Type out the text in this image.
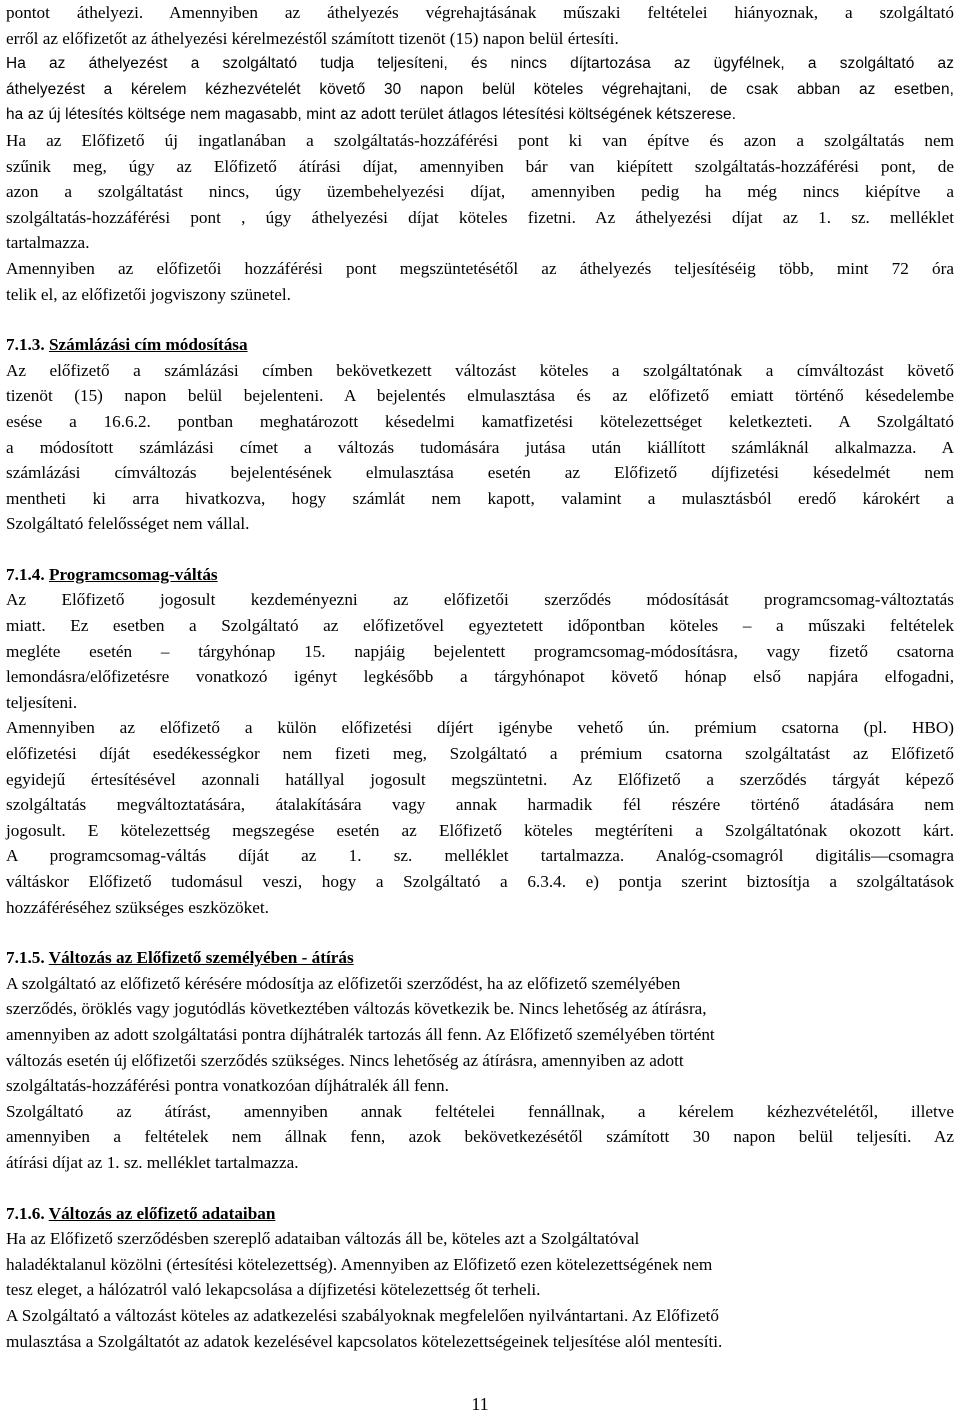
pontot áthelyezi. Amennyiben az áthelyezés végrehajtásának műszaki feltételei hiányoznak, a szolgáltató

erről az előfizetőt az áthelyezési kérelmezéstől számított tizenöt (15) napon belül értesíti.

Ha az áthelyezést a szolgáltató tudja teljesíteni, és nincs díjtartozása az ügyfélnek, a szolgáltató az

áthelyezést a kérelem kézhezvételét követő 30 napon belül köteles végrehajtani, de csak abban az esetben,

ha az új létesítés költsége nem magasabb, mint az adott terület átlagos létesítési költségének kétszerese.

Ha az Előfizető új ingatlanában a szolgáltatás-hozzáférési pont ki van építve és azon a szolgáltatás nem

szűnik meg, úgy az Előfizető átírási díjat, amennyiben bár van kiépített szolgáltatás-hozzáférési pont, de

azon a szolgáltatást nincs, úgy üzembehelyezési díjat, amennyiben pedig ha még nincs kiépítve a

szolgáltatás-hozzáférési pont , úgy áthelyezési díjat köteles fizetni. Az áthelyezési díjat az 1. sz. melléklet

tartalmazza.

Amennyiben az előfizetői hozzáférési pont megszüntetésétől az áthelyezés teljesítéséig több, mint 72 óra

telik el, az előfizetői jogviszony szünetel.

7.1.3. Számlázási cím módosítása

Az előfizető a számlázási címben bekövetkezett változást köteles a szolgáltatónak a címváltozást követő

tizenöt (15) napon belül bejelenteni. A bejelentés elmulasztása és az előfizető emiatt történő késedelembe

esése a 16.6.2. pontban meghatározott késedelmi kamatfizetési kötelezettséget keletkezteti. A Szolgáltató

a módosított számlázási címet a változás tudomására jutása után kiállított számláknál alkalmazza. A

számlázási címváltozás bejelentésének elmulasztása esetén az Előfizető díjfizetési késedelmét nem

mentheti ki arra hivatkozva, hogy számlát nem kapott, valamint a mulasztásból eredő károkért a

Szolgáltató felelősséget nem vállal.

7.1.4. Programcsomag-váltás

Az Előfizető jogosult kezdeményezni az előfizetői szerződés módosítását programcsomag-változtatás

miatt. Ez esetben a Szolgáltató az előfizetővel egyeztetett időpontban köteles – a műszaki feltételek

megléte esetén – tárgyhónap 15. napjáig bejelentett programcsomag-módosításra, vagy fizető csatorna

lemondásra/előfizetésre vonatkozó igényt legkésőbb a tárgyhónapot követő hónap első napjára elfogadni,

teljesíteni.

Amennyiben az előfizető a külön előfizetési díjért igénybe vehető ún. prémium csatorna (pl. HBO)

előfizetési díját esedékességkor nem fizeti meg, Szolgáltató a prémium csatorna szolgáltatást az Előfizető

egyidejű értesítésével azonnali hatállyal jogosult megszüntetni. Az Előfizető a szerződés tárgyát képező

szolgáltatás megváltoztatására, átalakítására vagy annak harmadik fél részére történő átadására nem

jogosult. E kötelezettség megszegése esetén az Előfizető köteles megtéríteni a Szolgáltatónak okozott kárt.

A programcsomag-váltás díját az 1. sz. melléklet tartalmazza. Analóg-csomagról digitális—csomagra

váltáskor Előfizető tudomásul veszi, hogy a Szolgáltató a 6.3.4. e) pontja szerint biztosítja a szolgáltatások

hozzáféréséhez szükséges eszközöket.

7.1.5. Változás az Előfizető személyében - átírás

A szolgáltató az előfizető kérésére módosítja az előfizetői szerződést, ha az előfizető személyében

szerződés, öröklés vagy jogutódlás következtében változás következik be. Nincs lehetőség az átírásra,

amennyiben az adott szolgáltatási pontra díjhátralék tartozás áll fenn. Az Előfizető személyében történt

változás esetén új előfizetői szerződés szükséges. Nincs lehetőség az átírásra, amennyiben az adott

szolgáltatás-hozzáférési pontra vonatkozóan díjhátralék áll fenn.

Szolgáltató az átírást, amennyiben annak feltételei fennállnak, a kérelem kézhezvételétől, illetve

amennyiben a feltételek nem állnak fenn, azok bekövetkezésétől számított 30 napon belül teljesíti. Az

átírási díjat az 1. sz. melléklet tartalmazza.

7.1.6. Változás az előfizető adataiban

Ha az Előfizető szerződésben szereplő adataiban változás áll be, köteles azt a Szolgáltatóval

haladéktalanul közölni (értesítési kötelezettség). Amennyiben az Előfizető ezen kötelezettségének nem

tesz eleget, a hálózatról való lekapcsolása a díjfizetési kötelezettség őt terheli.

A Szolgáltató a változást köteles az adatkezelési szabályoknak megfelelően nyilvántartani. Az Előfizető

mulasztása a Szolgáltatót az adatok kezelésével kapcsolatos kötelezettségeinek teljesítése alól mentesíti.

11
